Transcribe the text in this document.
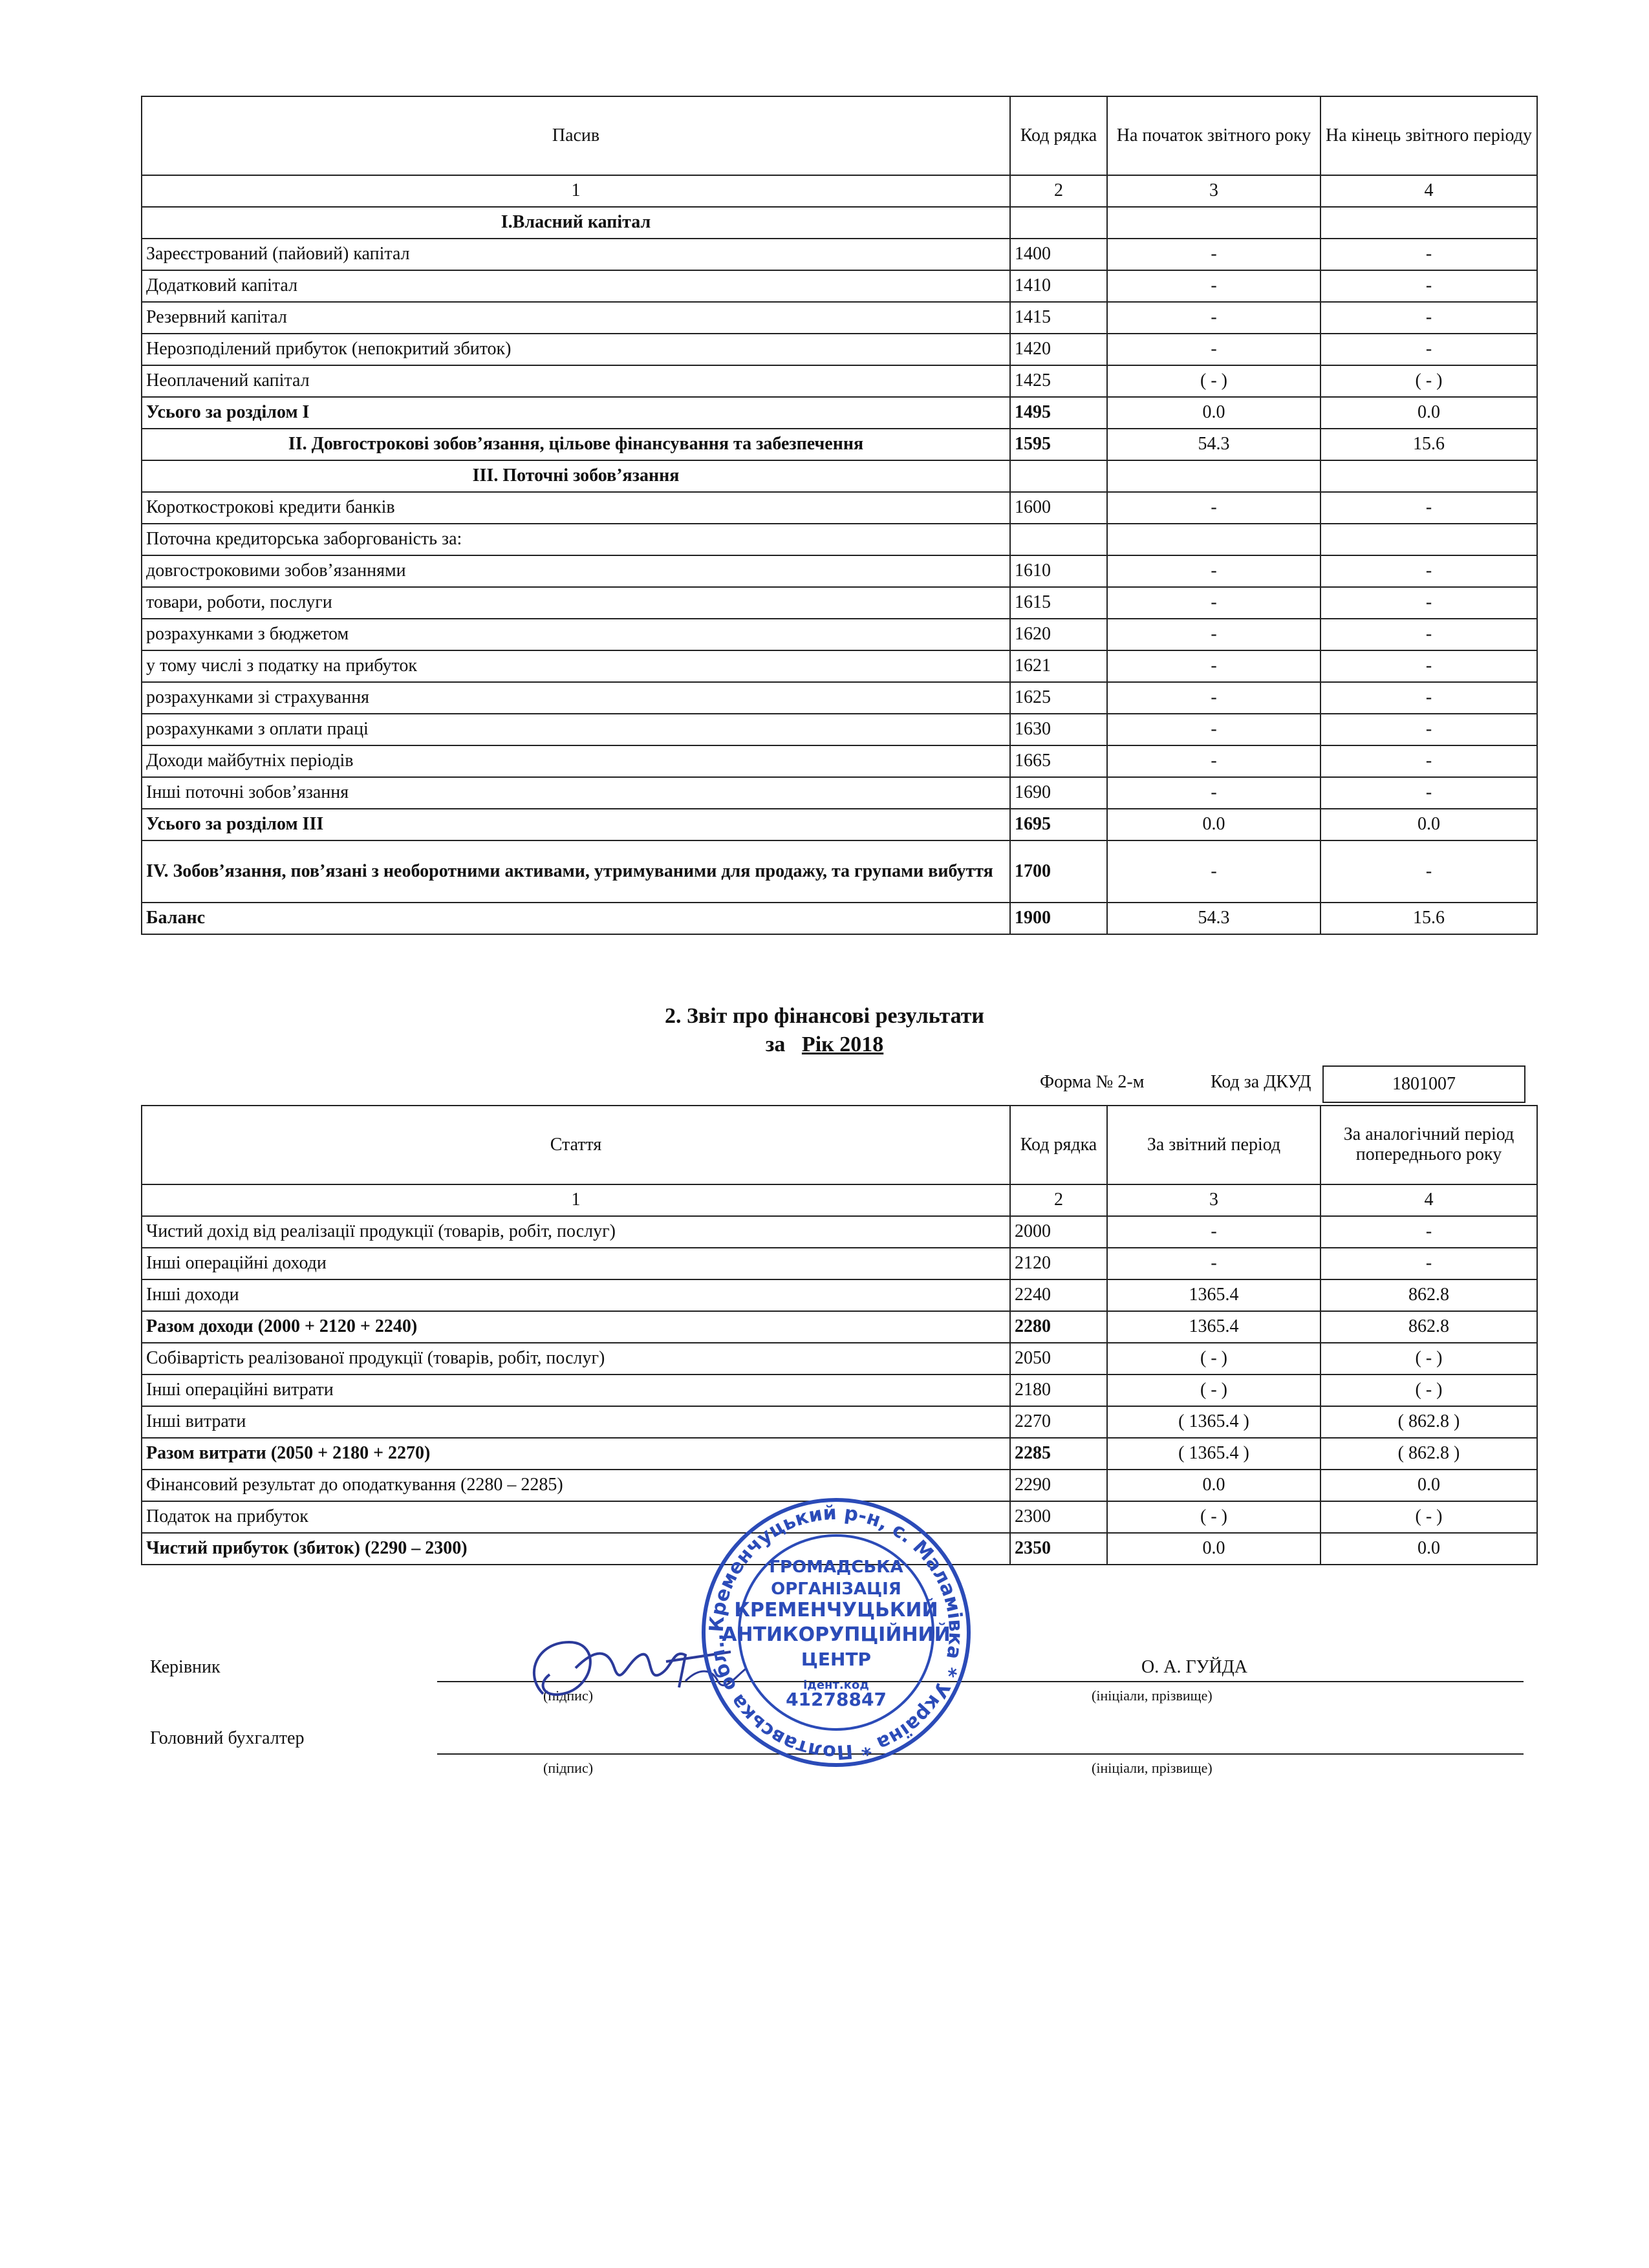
Пасив	Код рядка	На початок звітного року	На кінець звітного періоду
1	2	3	4
I.Власний капітал			
Зареєстрований (пайовий) капітал	1400	-	-
Додатковий капітал	1410	-	-
Резервний капітал	1415	-	-
Нерозподілений прибуток (непокритий збиток)	1420	-	-
Неоплачений капітал	1425	( - )	( - )
Усього за розділом I	1495	0.0	0.0
II. Довгострокові зобов’язання, цільове фінансування та забезпечення	1595	54.3	15.6
III. Поточні зобов’язання			
Короткострокові кредити банків	1600	-	-
Поточна кредиторська заборгованість за:			
довгостроковими зобов’язаннями	1610	-	-
товари, роботи, послуги	1615	-	-
розрахунками з бюджетом	1620	-	-
у тому числі з податку на прибуток	1621	-	-
розрахунками зі страхування	1625	-	-
розрахунками з оплати праці	1630	-	-
Доходи майбутніх періодів	1665	-	-
Інші поточні зобов’язання	1690	-	-
Усього за розділом III	1695	0.0	0.0
IV. Зобов’язання, пов’язані з необоротними активами, утримуваними для продажу, та групами вибуття	1700	-	-
Баланс	1900	54.3	15.6
2. Звіт про фінансові результати
за Рік 2018
Форма № 2-м	Код за ДКУД	1801007
Стаття	Код рядка	За звітний період	За аналогічний період попереднього року
1	2	3	4
Чистий дохід від реалізації продукції (товарів, робіт, послуг)	2000	-	-
Інші операційні доходи	2120	-	-
Інші доходи	2240	1365.4	862.8
Разом доходи (2000 + 2120 + 2240)	2280	1365.4	862.8
Собівартість реалізованої продукції (товарів, робіт, послуг)	2050	( - )	( - )
Інші операційні витрати	2180	( - )	( - )
Інші витрати	2270	( 1365.4 )	( 862.8 )
Разом витрати (2050 + 2180 + 2270)	2285	( 1365.4 )	( 862.8 )
Фінансовий результат до оподаткування (2280 – 2285)	2290	0.0	0.0
Податок на прибуток	2300	( - )	( - )
Чистий прибуток (збиток) (2290 – 2300)	2350	0.0	0.0
Керівник	О. А. ГУЙДА
(підпис)	(ініціали, прізвище)
Головний бухгалтер
(підпис)	(ініціали, прізвище)
Кременчуцький р-н, с. Маламівка * Україна * Полтавська обл.,
ГРОМАДСЬКА
ОРГАНІЗАЦІЯ
КРЕМЕНЧУЦЬКИЙ
АНТИКОРУПЦІЙНИЙ
ЦЕНТР
ідент.код
41278847
